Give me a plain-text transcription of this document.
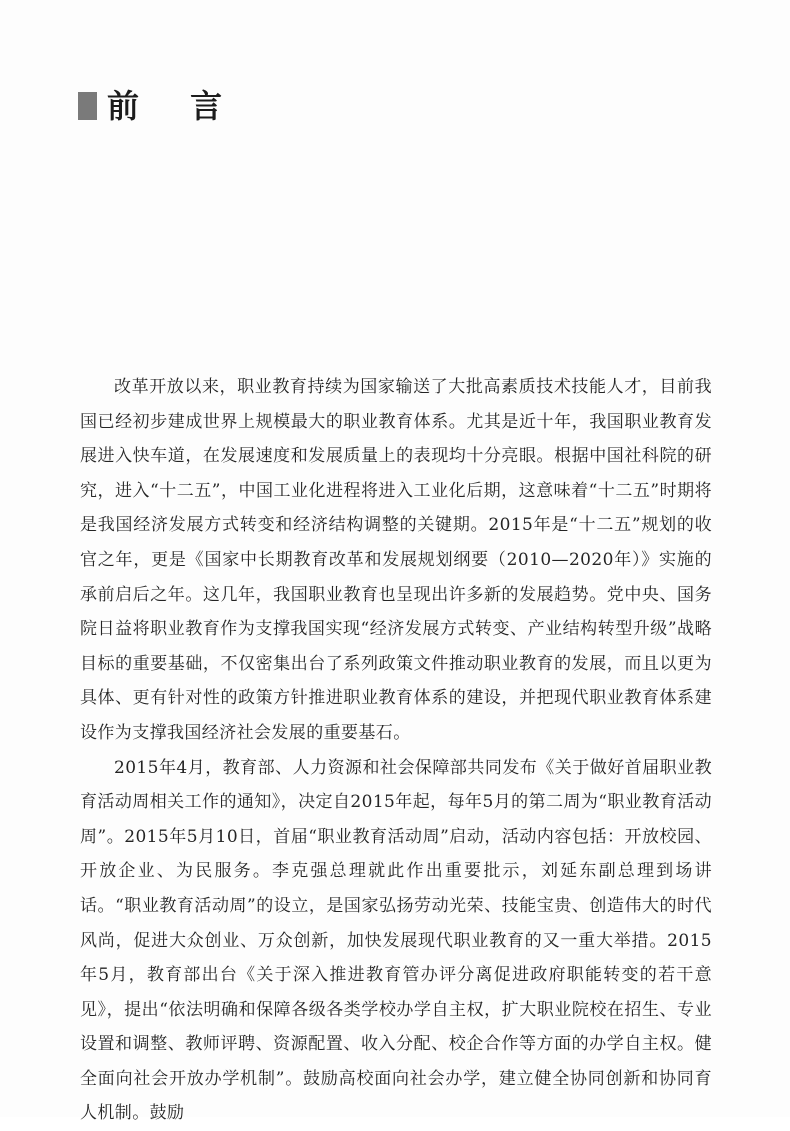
前 言

改革开放以来，职业教育持续为国家输送了大批高素质技术技能人才，目前我国已经初步建成世界上规模最大的职业教育体系。尤其是近十年，我国职业教育发展进入快车道，在发展速度和发展质量上的表现均十分亮眼。根据中国社科院的研究，进入“十二五”，中国工业化进程将进入工业化后期，这意味着“十二五”时期将是我国经济发展方式转变和经济结构调整的关键期。2015年是“十二五”规划的收官之年，更是《国家中长期教育改革和发展规划纲要（2010—2020年）》实施的承前启后之年。这几年，我国职业教育也呈现出许多新的发展趋势。党中央、国务院日益将职业教育作为支撑我国实现“经济发展方式转变、产业结构转型升级”战略目标的重要基础，不仅密集出台了系列政策文件推动职业教育的发展，而且以更为具体、更有针对性的政策方针推进职业教育体系的建设，并把现代职业教育体系建设作为支撑我国经济社会发展的重要基石。

2015年4月，教育部、人力资源和社会保障部共同发布《关于做好首届职业教育活动周相关工作的通知》，决定自2015年起，每年5月的第二周为“职业教育活动周”。2015年5月10日，首届“职业教育活动周”启动，活动内容包括：开放校园、开放企业、为民服务。李克强总理就此作出重要批示，刘延东副总理到场讲话。“职业教育活动周”的设立，是国家弘扬劳动光荣、技能宝贵、创造伟大的时代风尚，促进大众创业、万众创新，加快发展现代职业教育的又一重大举措。2015年5月，教育部出台《关于深入推进教育管办评分离促进政府职能转变的若干意见》，提出“依法明确和保障各级各类学校办学自主权，扩大职业院校在招生、专业设置和调整、教师评聘、资源配置、收入分配、校企合作等方面的办学自主权。健全面向社会开放办学机制”。鼓励高校面向社会办学，建立健全协同创新和协同育人机制。鼓励
